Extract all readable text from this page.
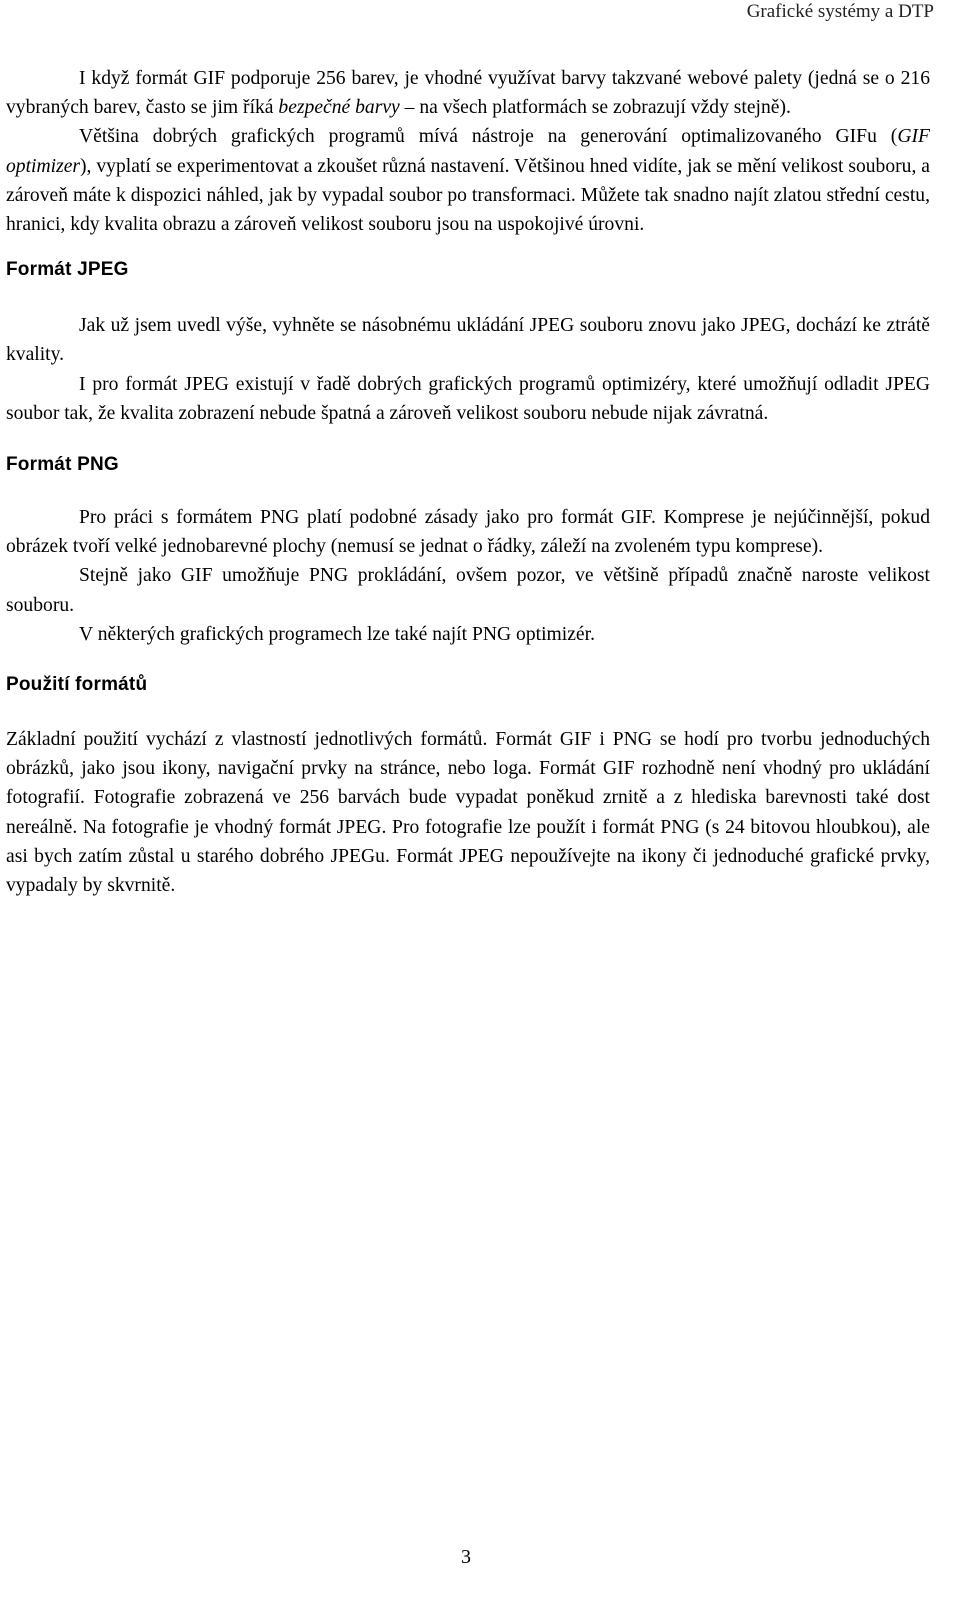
Grafické systémy a DTP

I když formát GIF podporuje 256 barev, je vhodné využívat barvy takzvané webové palety (jedná se o 216 vybraných barev, často se jim říká bezpečné barvy – na všech platformách se zobrazují vždy stejně).

Většina dobrých grafických programů mívá nástroje na generování optimalizovaného GIFu (GIF optimizer), vyplatí se experimentovat a zkoušet různá nastavení. Většinou hned vidíte, jak se mění velikost souboru, a zároveň máte k dispozici náhled, jak by vypadal soubor po transformaci. Můžete tak snadno najít zlatou střední cestu, hranici, kdy kvalita obrazu a zároveň velikost souboru jsou na uspokojivé úrovni.

Formát JPEG

Jak už jsem uvedl výše, vyhněte se násobnému ukládání JPEG souboru znovu jako JPEG, dochází ke ztrátě kvality.

I pro formát JPEG existují v řadě dobrých grafických programů optimizéry, které umožňují odladit JPEG soubor tak, že kvalita zobrazení nebude špatná a zároveň velikost souboru nebude nijak závratná.

Formát PNG

Pro práci s formátem PNG platí podobné zásady jako pro formát GIF. Komprese je nejúčinnější, pokud obrázek tvoří velké jednobarevné plochy (nemusí se jednat o řádky, záleží na zvoleném typu komprese).

Stejně jako GIF umožňuje PNG prokládání, ovšem pozor, ve většině případů značně naroste velikost souboru.

V některých grafických programech lze také najít PNG optimizér.

Použití formátů

Základní použití vychází z vlastností jednotlivých formátů. Formát GIF i PNG se hodí pro tvorbu jednoduchých obrázků, jako jsou ikony, navigační prvky na stránce, nebo loga. Formát GIF rozhodně není vhodný pro ukládání fotografií. Fotografie zobrazená ve 256 barvách bude vypadat poněkud zrnitě a z hlediska barevnosti také dost nereálně. Na fotografie je vhodný formát JPEG. Pro fotografie lze použít i formát PNG (s 24 bitovou hloubkou), ale asi bych zatím zůstal u starého dobrého JPEGu. Formát JPEG nepoužívejte na ikony či jednoduché grafické prvky, vypadaly by skvrnitě.

3
